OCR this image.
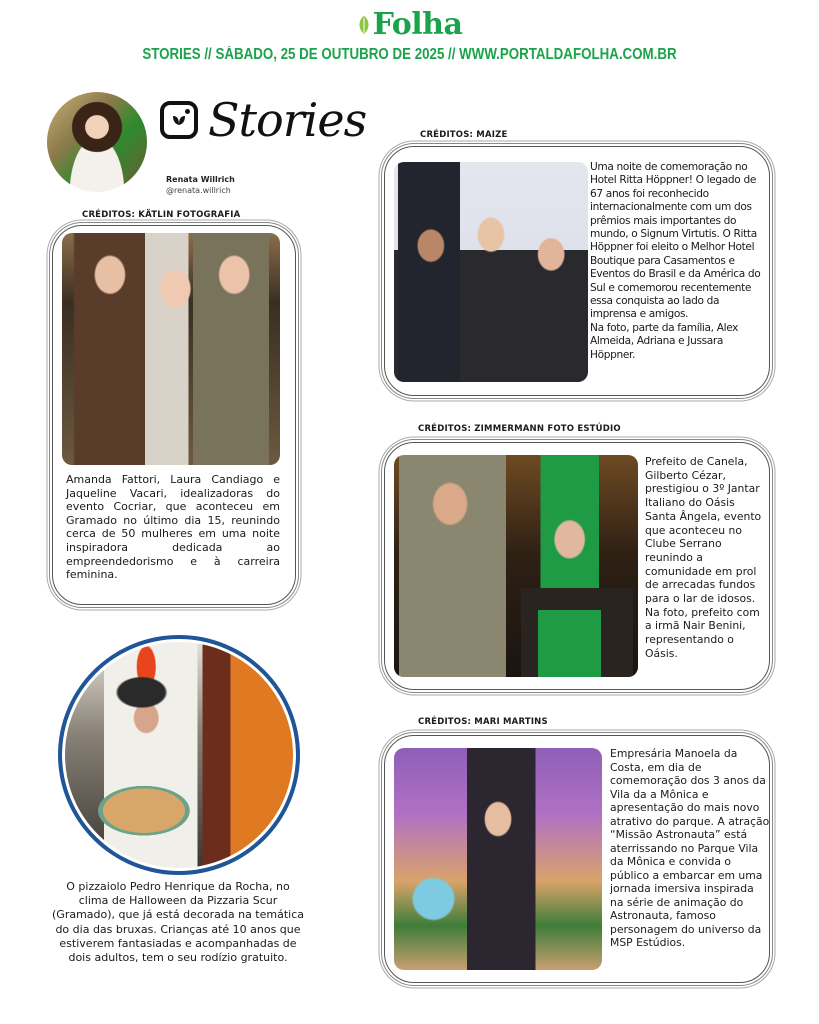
Folha
STORIES // SÁBADO, 25 DE OUTUBRO DE 2025 // WWW.PORTALDAFOLHA.COM.BR
Stories
Renata Willrich
@renata.willrich
CRÉDITOS: KÄTLIN FOTOGRAFIA

Amanda Fattori, Laura Candiago e Jaqueline Vacari, idealizadoras do evento Cocriar, que aconteceu em Gramado no último dia 15, reunindo cerca de 50 mulheres em uma noite inspiradora dedicada ao empreendedorismo e à carreira feminina.

CRÉDITOS: MAIZE

Uma noite de comemoração no Hotel Ritta Höppner! O legado de 67 anos foi reconhecido internacionalmente com um dos prêmios mais importantes do mundo, o Signum Virtutis. O Ritta Höppner foi eleito o Melhor Hotel Boutique para Casamentos e Eventos do Brasil e da América do Sul e comemorou recentemente essa conquista ao lado da imprensa e amigos.

Na foto, parte da família, Alex Almeida, Adriana e Jussara Höppner.

CRÉDITOS: ZIMMERMANN FOTO ESTÚDIO

Prefeito de Canela, Gilberto Cézar, prestigiou o 3º Jantar Italiano do Oásis Santa Ângela, evento que aconteceu no Clube Serrano reunindo a comunidade em prol de arrecadas fundos para o lar de idosos. Na foto, prefeito com a irmã Nair Benini, representando o Oásis.

CRÉDITOS: MARI MARTINS

Empresária Manoela da Costa, em dia de comemoração dos 3 anos da Vila da a Mônica e apresentação do mais novo atrativo do parque. A atração “Missão Astronauta” está aterrissando no Parque Vila da Mônica e convida o público a embarcar em uma jornada imersiva inspirada na série de animação do Astronauta, famoso personagem do universo da MSP Estúdios.

O pizzaiolo Pedro Henrique da Rocha, no clima de Halloween da Pizzaria Scur (Gramado), que já está decorada na temática do dia das bruxas. Crianças até 10 anos que estiverem fantasiadas e acompanhadas de dois adultos, tem o seu rodízio gratuito.
